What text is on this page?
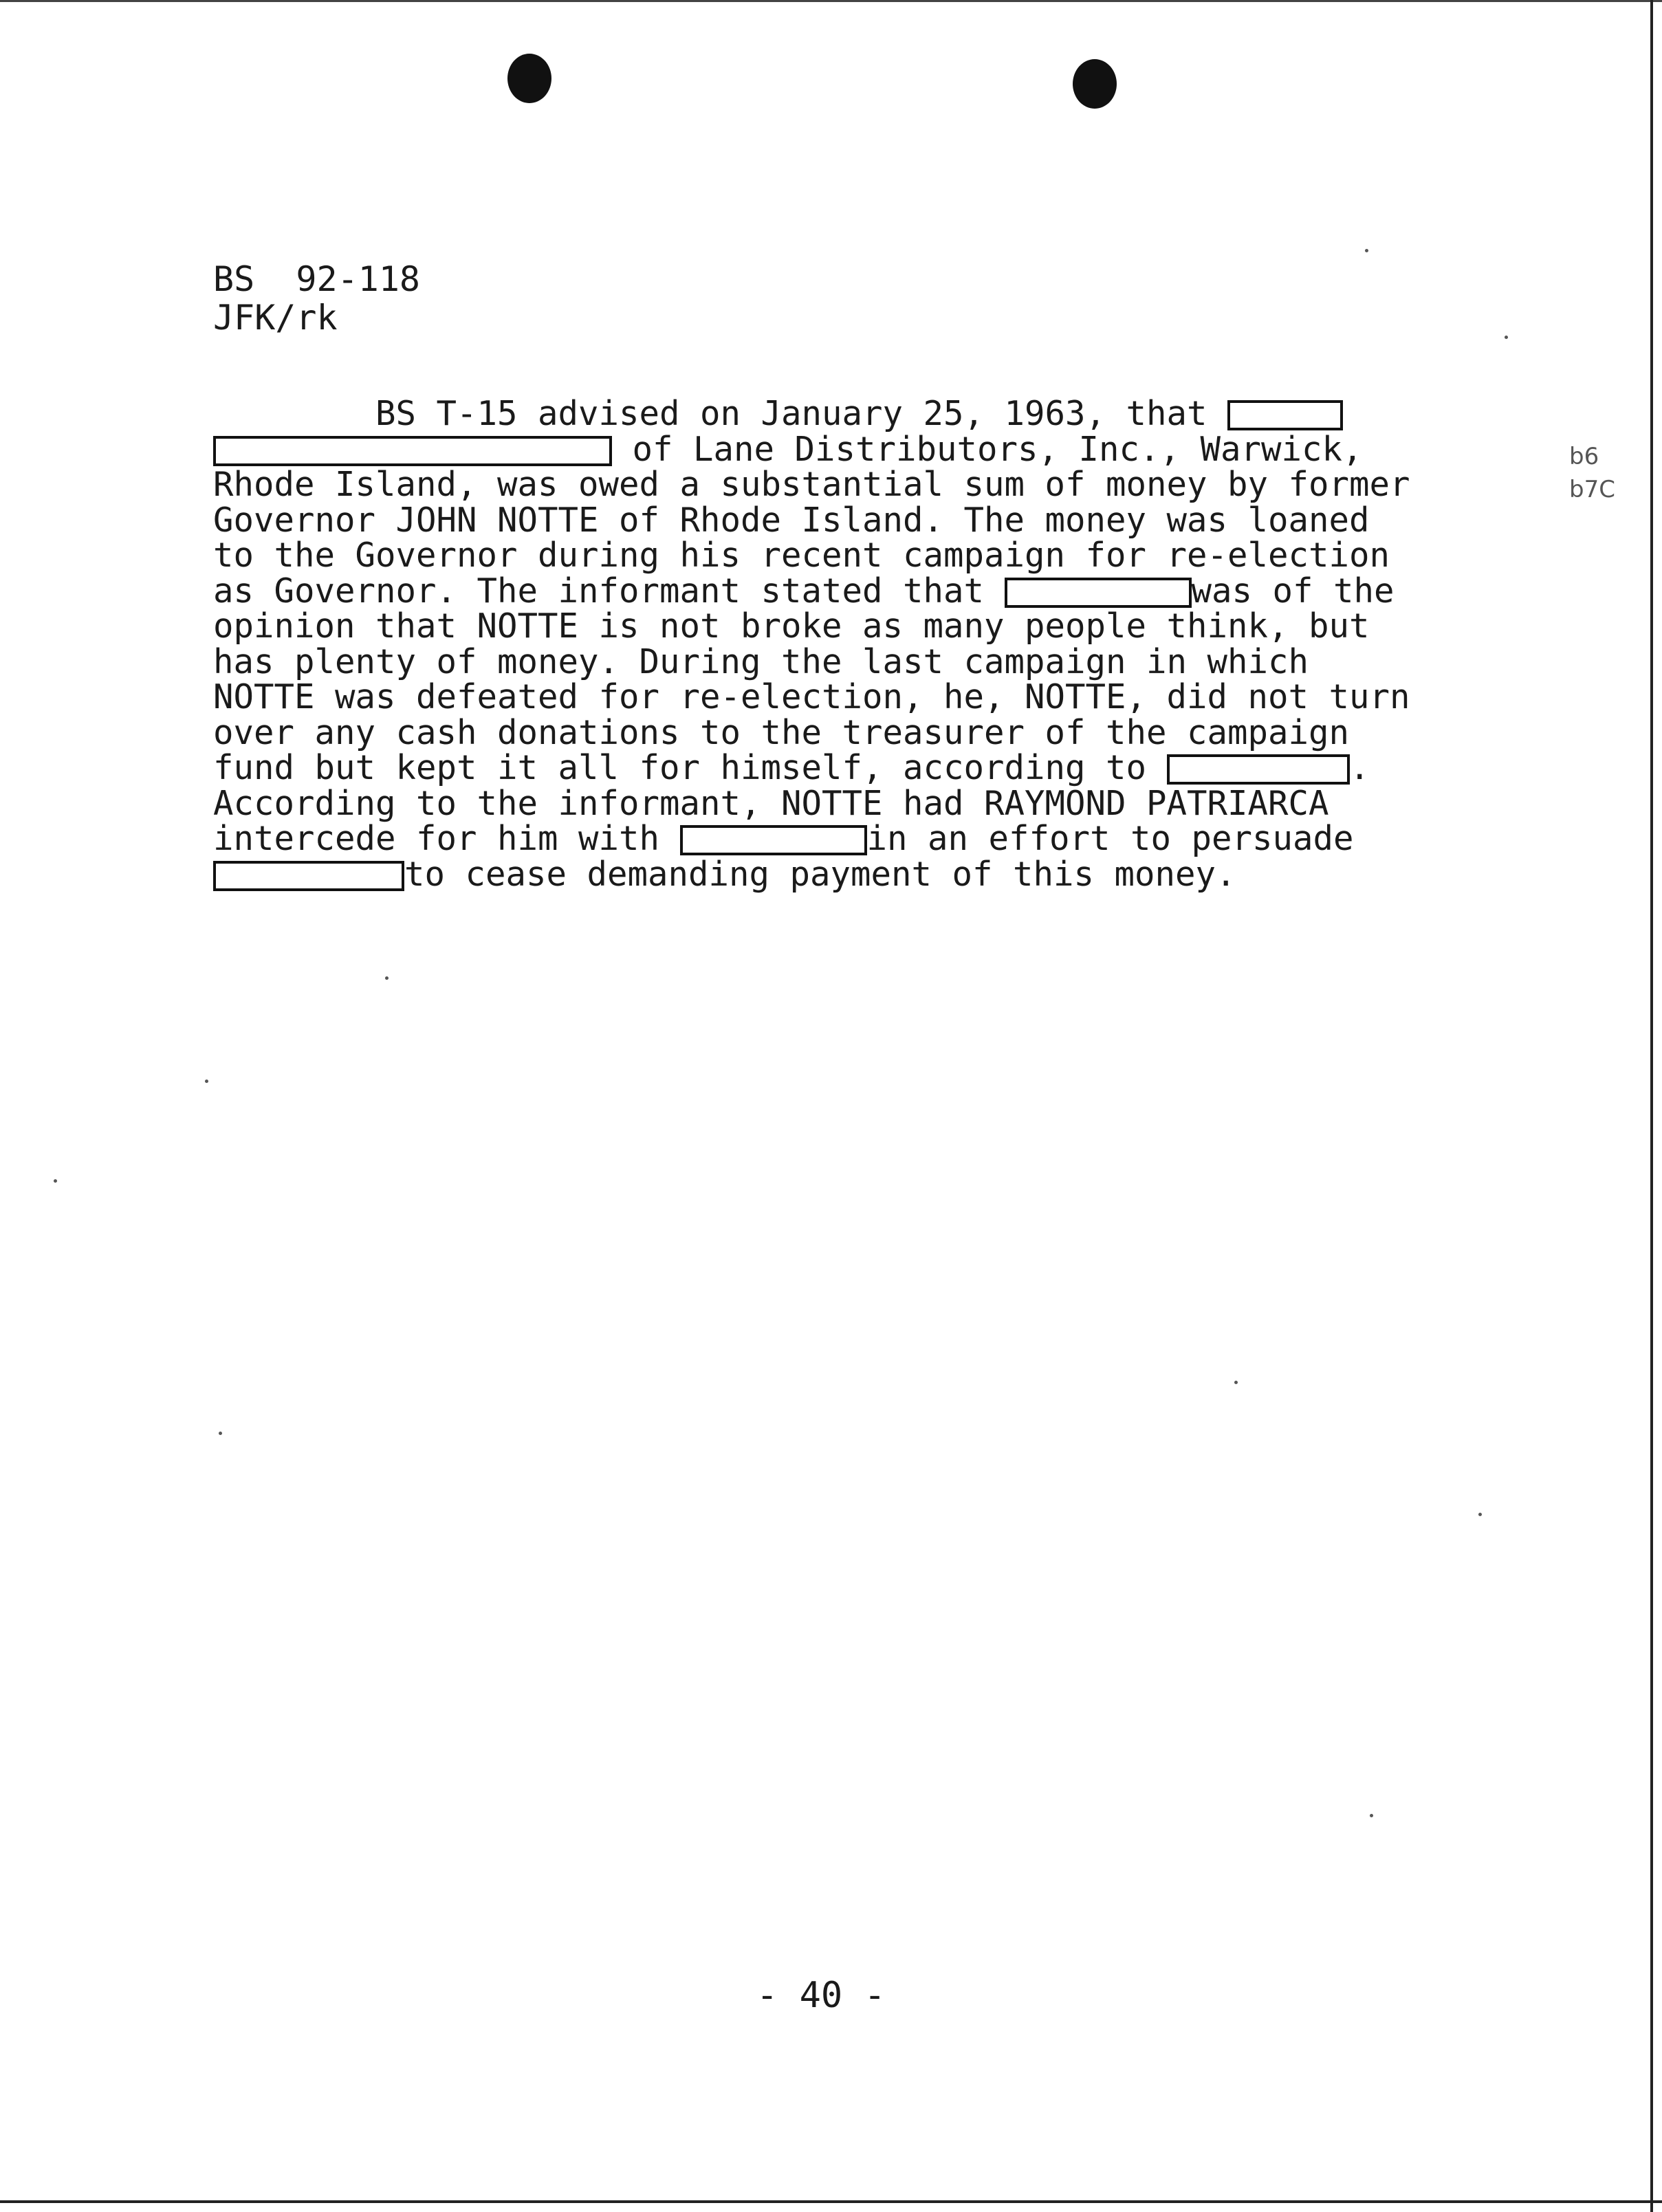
BS  92-118
JFK/rk
BS T-15 advised on January 25, 1963, that
of Lane Distributors, Inc., Warwick,
Rhode Island, was owed a substantial sum of money by former
Governor JOHN NOTTE of Rhode Island. The money was loaned
to the Governor during his recent campaign for re-election
as Governor. The informant stated that	was of the
opinion that NOTTE is not broke as many people think, but
has plenty of money. During the last campaign in which
NOTTE was defeated for re-election, he, NOTTE, did not turn
over any cash donations to the treasurer of the campaign
fund but kept it all for himself, according to	.
According to the informant, NOTTE had RAYMOND PATRIARCA
intercede for him with	in an effort to persuade
to cease demanding payment of this money.
b6
b7C
- 40 -
